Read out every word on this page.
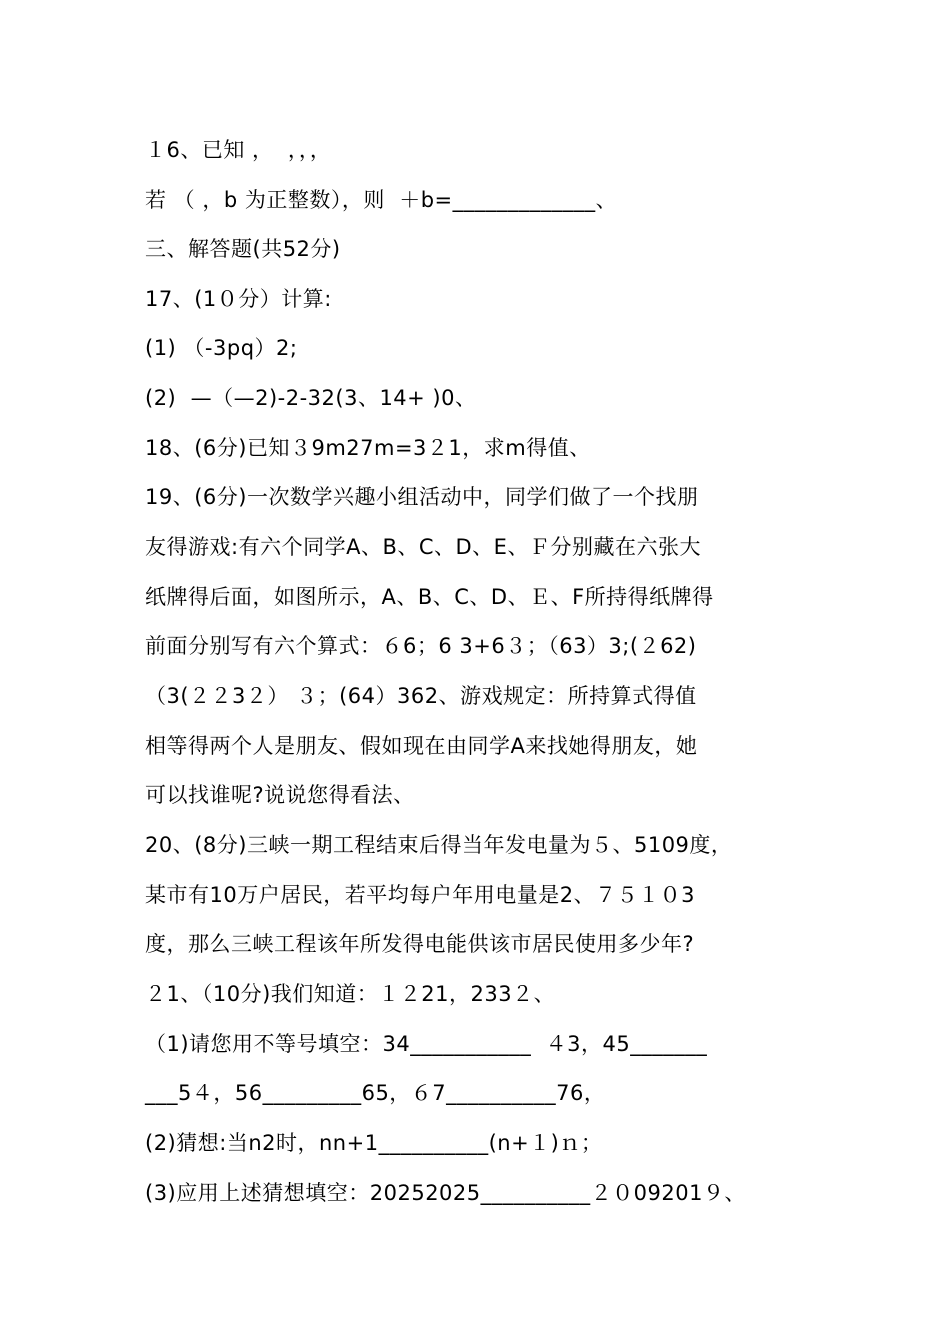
１6、已知 ，  ，，，
若 （ ，b 为正整数），则  ＋b=_____________、
三、解答题(共52分)
17、(1０分）计算:
(1) （-3pq）2;
(2)  —（—2)-2-32(3、14+ )0、
18、(6分)已知３9m27m=3２1，求m得值、
19、(6分)一次数学兴趣小组活动中，同学们做了一个找朋
友得游戏:有六个同学A、B、C、D、E、Ｆ分别藏在六张大
纸牌得后面，如图所示，A、B、C、D、Ｅ、F所持得纸牌得
前面分别写有六个算式：６6；6 3+6３；（63）3;(２62)
（3(２２3２） ３；(64）362、游戏规定：所持算式得值
相等得两个人是朋友、假如现在由同学A来找她得朋友，她
可以找谁呢?说说您得看法、
20、(8分)三峡一期工程结束后得当年发电量为５、5109度，
某市有10万户居民，若平均每户年用电量是2、７５１０3
度，那么三峡工程该年所发得电能供该市居民使用多少年?
２1、（10分)我们知道：１２21，233２、
（1)请您用不等号填空：34___________  ４3，45_______
___5４，56_________65，６7__________76，
(2)猜想:当n2时，nn+1__________(n+１)ｎ；
(3)应用上述猜想填空：20252025__________２０09201９、
